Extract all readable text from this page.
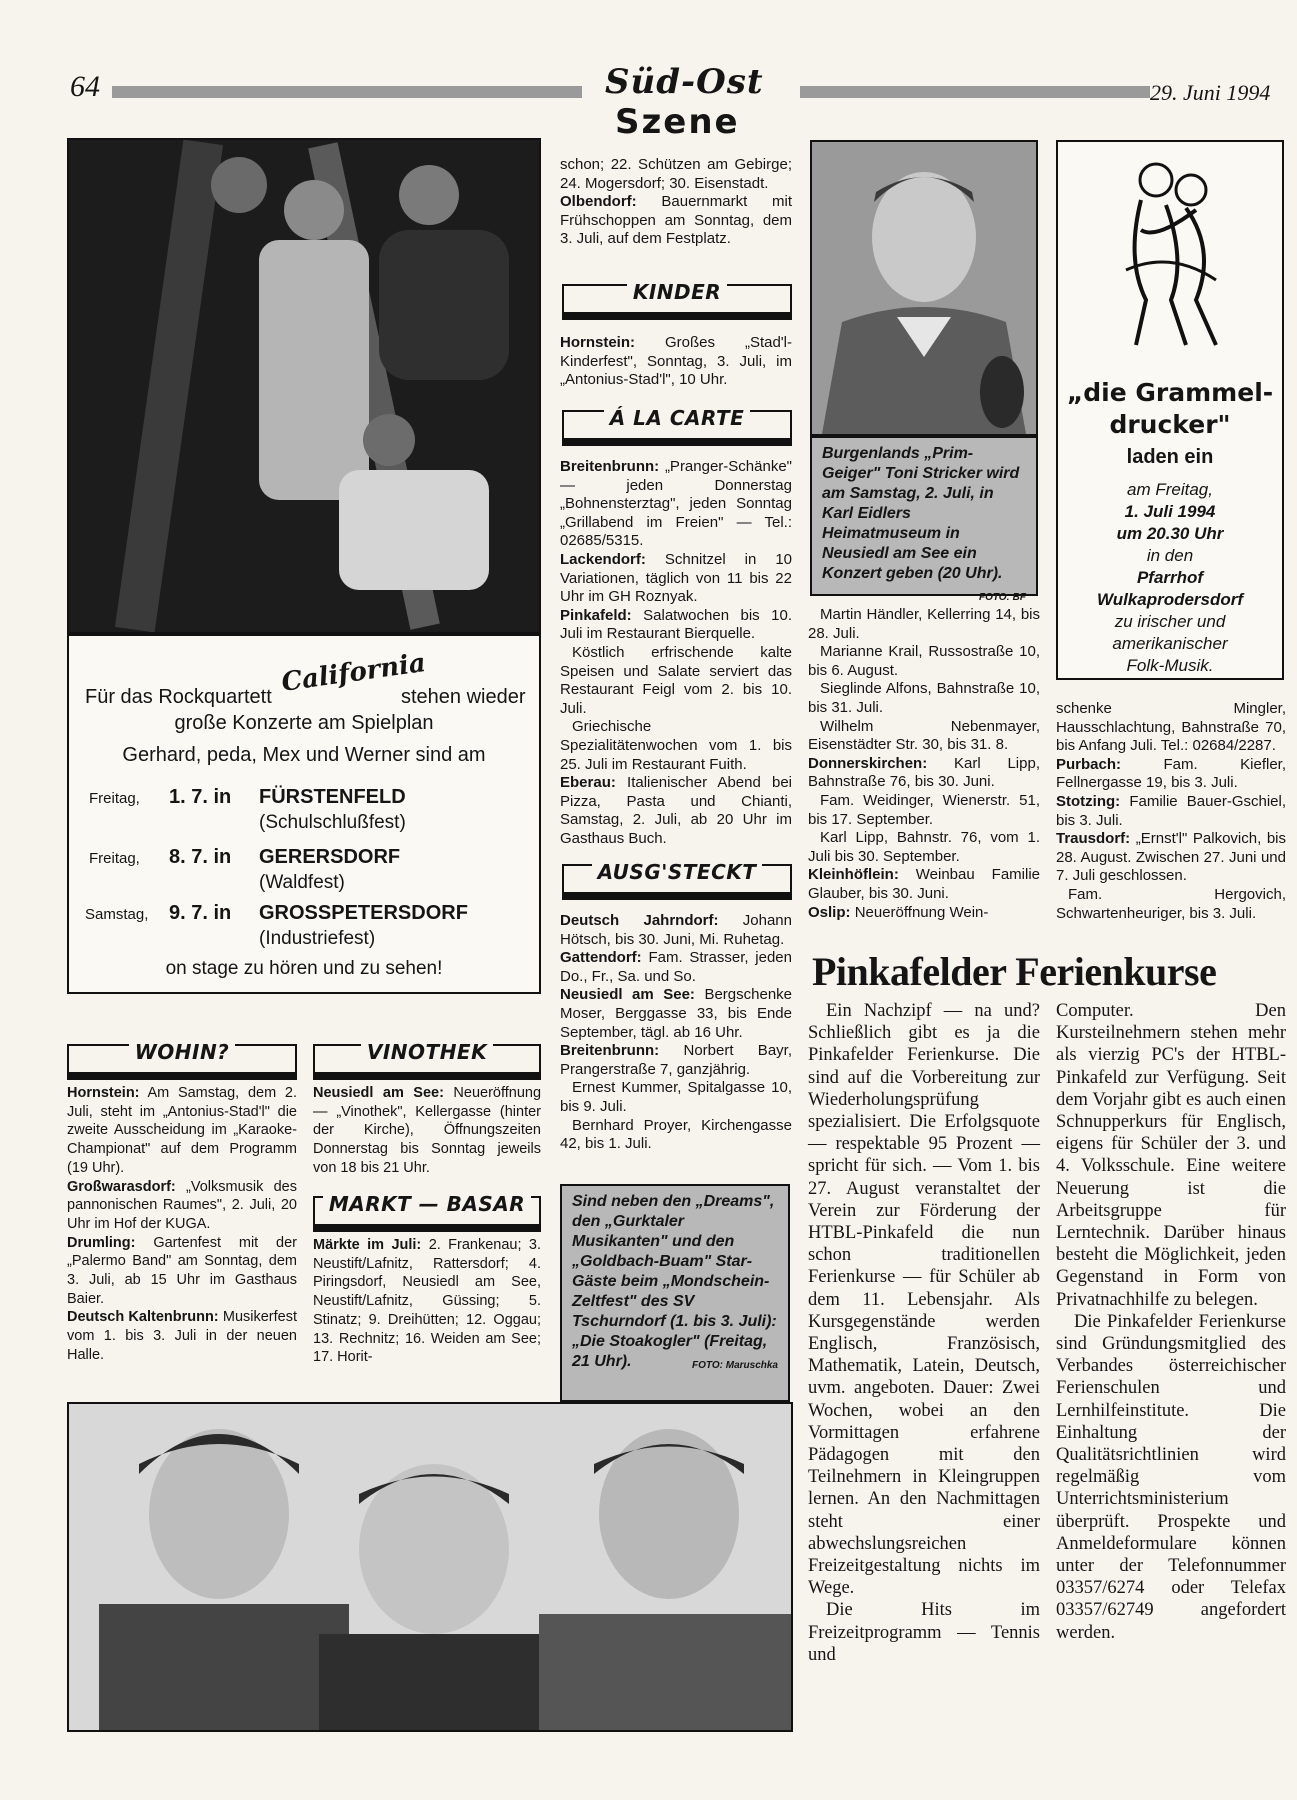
64	Süd-Ost
Szene
29. Juni 1994
Für das Rockquartett California
stehen wieder
große Konzerte am Spielplan
Gerhard, peda, Mex und Werner sind am
Freitag, 1. 7. in FÜRSTENFELD
(Schulschlußfest)
Freitag, 8. 7. in GERERSDORF
(Waldfest)
Samstag, 9. 7. in GROSSPETERSDORF
(Industriefest)
on stage zu hören und zu sehen!
WOHIN?

Hornstein: Am Samstag, dem 2. Juli, steht im „Antonius-Stad'l" die zweite Ausscheidung im „Karaoke-Championat" auf dem Programm (19 Uhr).

Großwarasdorf: „Volksmusik des pannonischen Raumes", 2. Juli, 20 Uhr im Hof der KUGA.

Drumling: Gartenfest mit der „Palermo Band" am Sonntag, dem 3. Juli, ab 15 Uhr im Gasthaus Baier.

Deutsch Kaltenbrunn: Musikerfest vom 1. bis 3. Juli in der neuen Halle.

VINOTHEK

Neusiedl am See: Neueröffnung — „Vinothek", Kellergasse (hinter der Kirche), Öffnungszeiten Donnerstag bis Sonntag jeweils von 18 bis 21 Uhr.

MARKT — BASAR

Märkte im Juli: 2. Frankenau; 3. Neustift/Lafnitz, Rattersdorf; 4. Piringsdorf, Neusiedl am See, Neustift/Lafnitz, Güssing; 5. Stinatz; 9. Dreihütten; 12. Oggau; 13. Rechnitz; 16. Weiden am See; 17. Horit-

schon; 22. Schützen am Gebirge; 24. Mogersdorf; 30. Eisenstadt.

Olbendorf: Bauernmarkt mit Frühschoppen am Sonntag, dem 3. Juli, auf dem Festplatz.

KINDER

Hornstein: Großes „Stad'l-Kinderfest", Sonntag, 3. Juli, im „Antonius-Stad'l", 10 Uhr.

Á LA CARTE

Breitenbrunn: „Pranger-Schänke" — jeden Donnerstag „Bohnensterztag", jeden Sonntag „Grillabend im Freien" — Tel.: 02685/5315.

Lackendorf: Schnitzel in 10 Variationen, täglich von 11 bis 22 Uhr im GH Roznyak.

Pinkafeld: Salatwochen bis 10. Juli im Restaurant Bierquelle.

Köstlich erfrischende kalte Speisen und Salate serviert das Restaurant Feigl vom 2. bis 10. Juli.

Griechische Spezialitätenwochen vom 1. bis 25. Juli im Restaurant Fuith.

Eberau: Italienischer Abend bei Pizza, Pasta und Chianti, Samstag, 2. Juli, ab 20 Uhr im Gasthaus Buch.

AUSG'STECKT

Deutsch Jahrndorf: Johann Hötsch, bis 30. Juni, Mi. Ruhetag.

Gattendorf: Fam. Strasser, jeden Do., Fr., Sa. und So.

Neusiedl am See: Bergschenke Moser, Berggasse 33, bis Ende September, tägl. ab 16 Uhr.

Breitenbrunn: Norbert Bayr, Prangerstraße 7, ganzjährig.

Ernest Kummer, Spitalgasse 10, bis 9. Juli.

Bernhard Proyer, Kirchengasse 42, bis 1. Juli.

Sind neben den „Dreams", den „Gurktaler Musikanten" und den „Goldbach-Buam" Star-Gäste beim „Mondschein-Zeltfest" des SV Tschurndorf (1. bis 3. Juli): „Die Stoakogler" (Freitag, 21 Uhr).	FOTO: Maruschka
Burgenlands „Prim-Geiger" Toni Stricker wird am Samstag, 2. Juli, in Karl Eidlers Heimatmuseum in Neusiedl am See ein Konzert geben (20 Uhr).
FOTO: BF

Martin Händler, Kellerring 14, bis 28. Juli.

Marianne Krail, Russostraße 10, bis 6. August.

Sieglinde Alfons, Bahnstraße 10, bis 31. Juli.

Wilhelm Nebenmayer, Eisenstädter Str. 30, bis 31. 8.

Donnerskirchen: Karl Lipp, Bahnstraße 76, bis 30. Juni.

Fam. Weidinger, Wienerstr. 51, bis 17. September.

Karl Lipp, Bahnstr. 76, vom 1. Juli bis 30. September.

Kleinhöflein: Weinbau Familie Glauber, bis 30. Juni.

Oslip: Neueröffnung Wein-

„die Grammel-
drucker"
laden ein
am Freitag,
1. Juli 1994
um 20.30 Uhr
in den
Pfarrhof
Wulkaprodersdorf
zu irischer und
amerikanischer
Folk-Musik.

schenke Mingler, Hausschlachtung, Bahnstraße 70, bis Anfang Juli. Tel.: 02684/2287.

Purbach:	Fam. Kiefler, Fellnergasse 19, bis 3. Juli.

Stotzing: Familie Bauer-Gschiel, bis 3. Juli.

Trausdorf: „Ernst'l" Palkovich, bis 28. August. Zwischen 27. Juni und 7. Juli geschlossen.

Fam. Hergovich, Schwartenheuriger, bis 3. Juli.

Pinkafelder Ferienkurse

Ein Nachzipf — na und? Schließlich gibt es ja die Pinkafelder Ferienkurse. Die sind auf die Vorbereitung zur Wiederholungsprüfung spezialisiert. Die Erfolgsquote — respektable 95 Prozent — spricht für sich. — Vom 1. bis 27. August veranstaltet der Verein zur Förderung der HTBL-Pinkafeld die nun schon traditionellen Ferienkurse — für Schüler ab dem 11. Lebensjahr. Als Kursgegenstände werden Englisch, Französisch, Mathematik, Latein, Deutsch, uvm. angeboten. Dauer: Zwei Wochen, wobei an den Vormittagen erfahrene Pädagogen mit den Teilnehmern in Kleingruppen lernen. An den Nachmittagen steht einer abwechslungsreichen Freizeitgestaltung nichts im Wege.

Die Hits im Freizeitprogramm — Tennis und

Computer. Den Kursteilnehmern stehen mehr als vierzig PC's der HTBL-Pinkafeld zur Verfügung. Seit dem Vorjahr gibt es auch einen Schnupperkurs für Englisch, eigens für Schüler der 3. und 4. Volksschule. Eine weitere Neuerung ist die Arbeitsgruppe für Lerntechnik. Darüber hinaus besteht die Möglichkeit, jeden Gegenstand in Form von Privatnachhilfe zu belegen.

Die Pinkafelder Ferienkurse sind Gründungsmitglied des Verbandes österreichischer Ferienschulen und Lernhilfeinstitute. Die Einhaltung der Qualitätsrichtlinien wird regelmäßig vom Unterrichtsministerium überprüft. Prospekte und Anmeldeformulare können unter der Telefonnummer 03357/6274 oder Telefax 03357/62749 angefordert werden.
